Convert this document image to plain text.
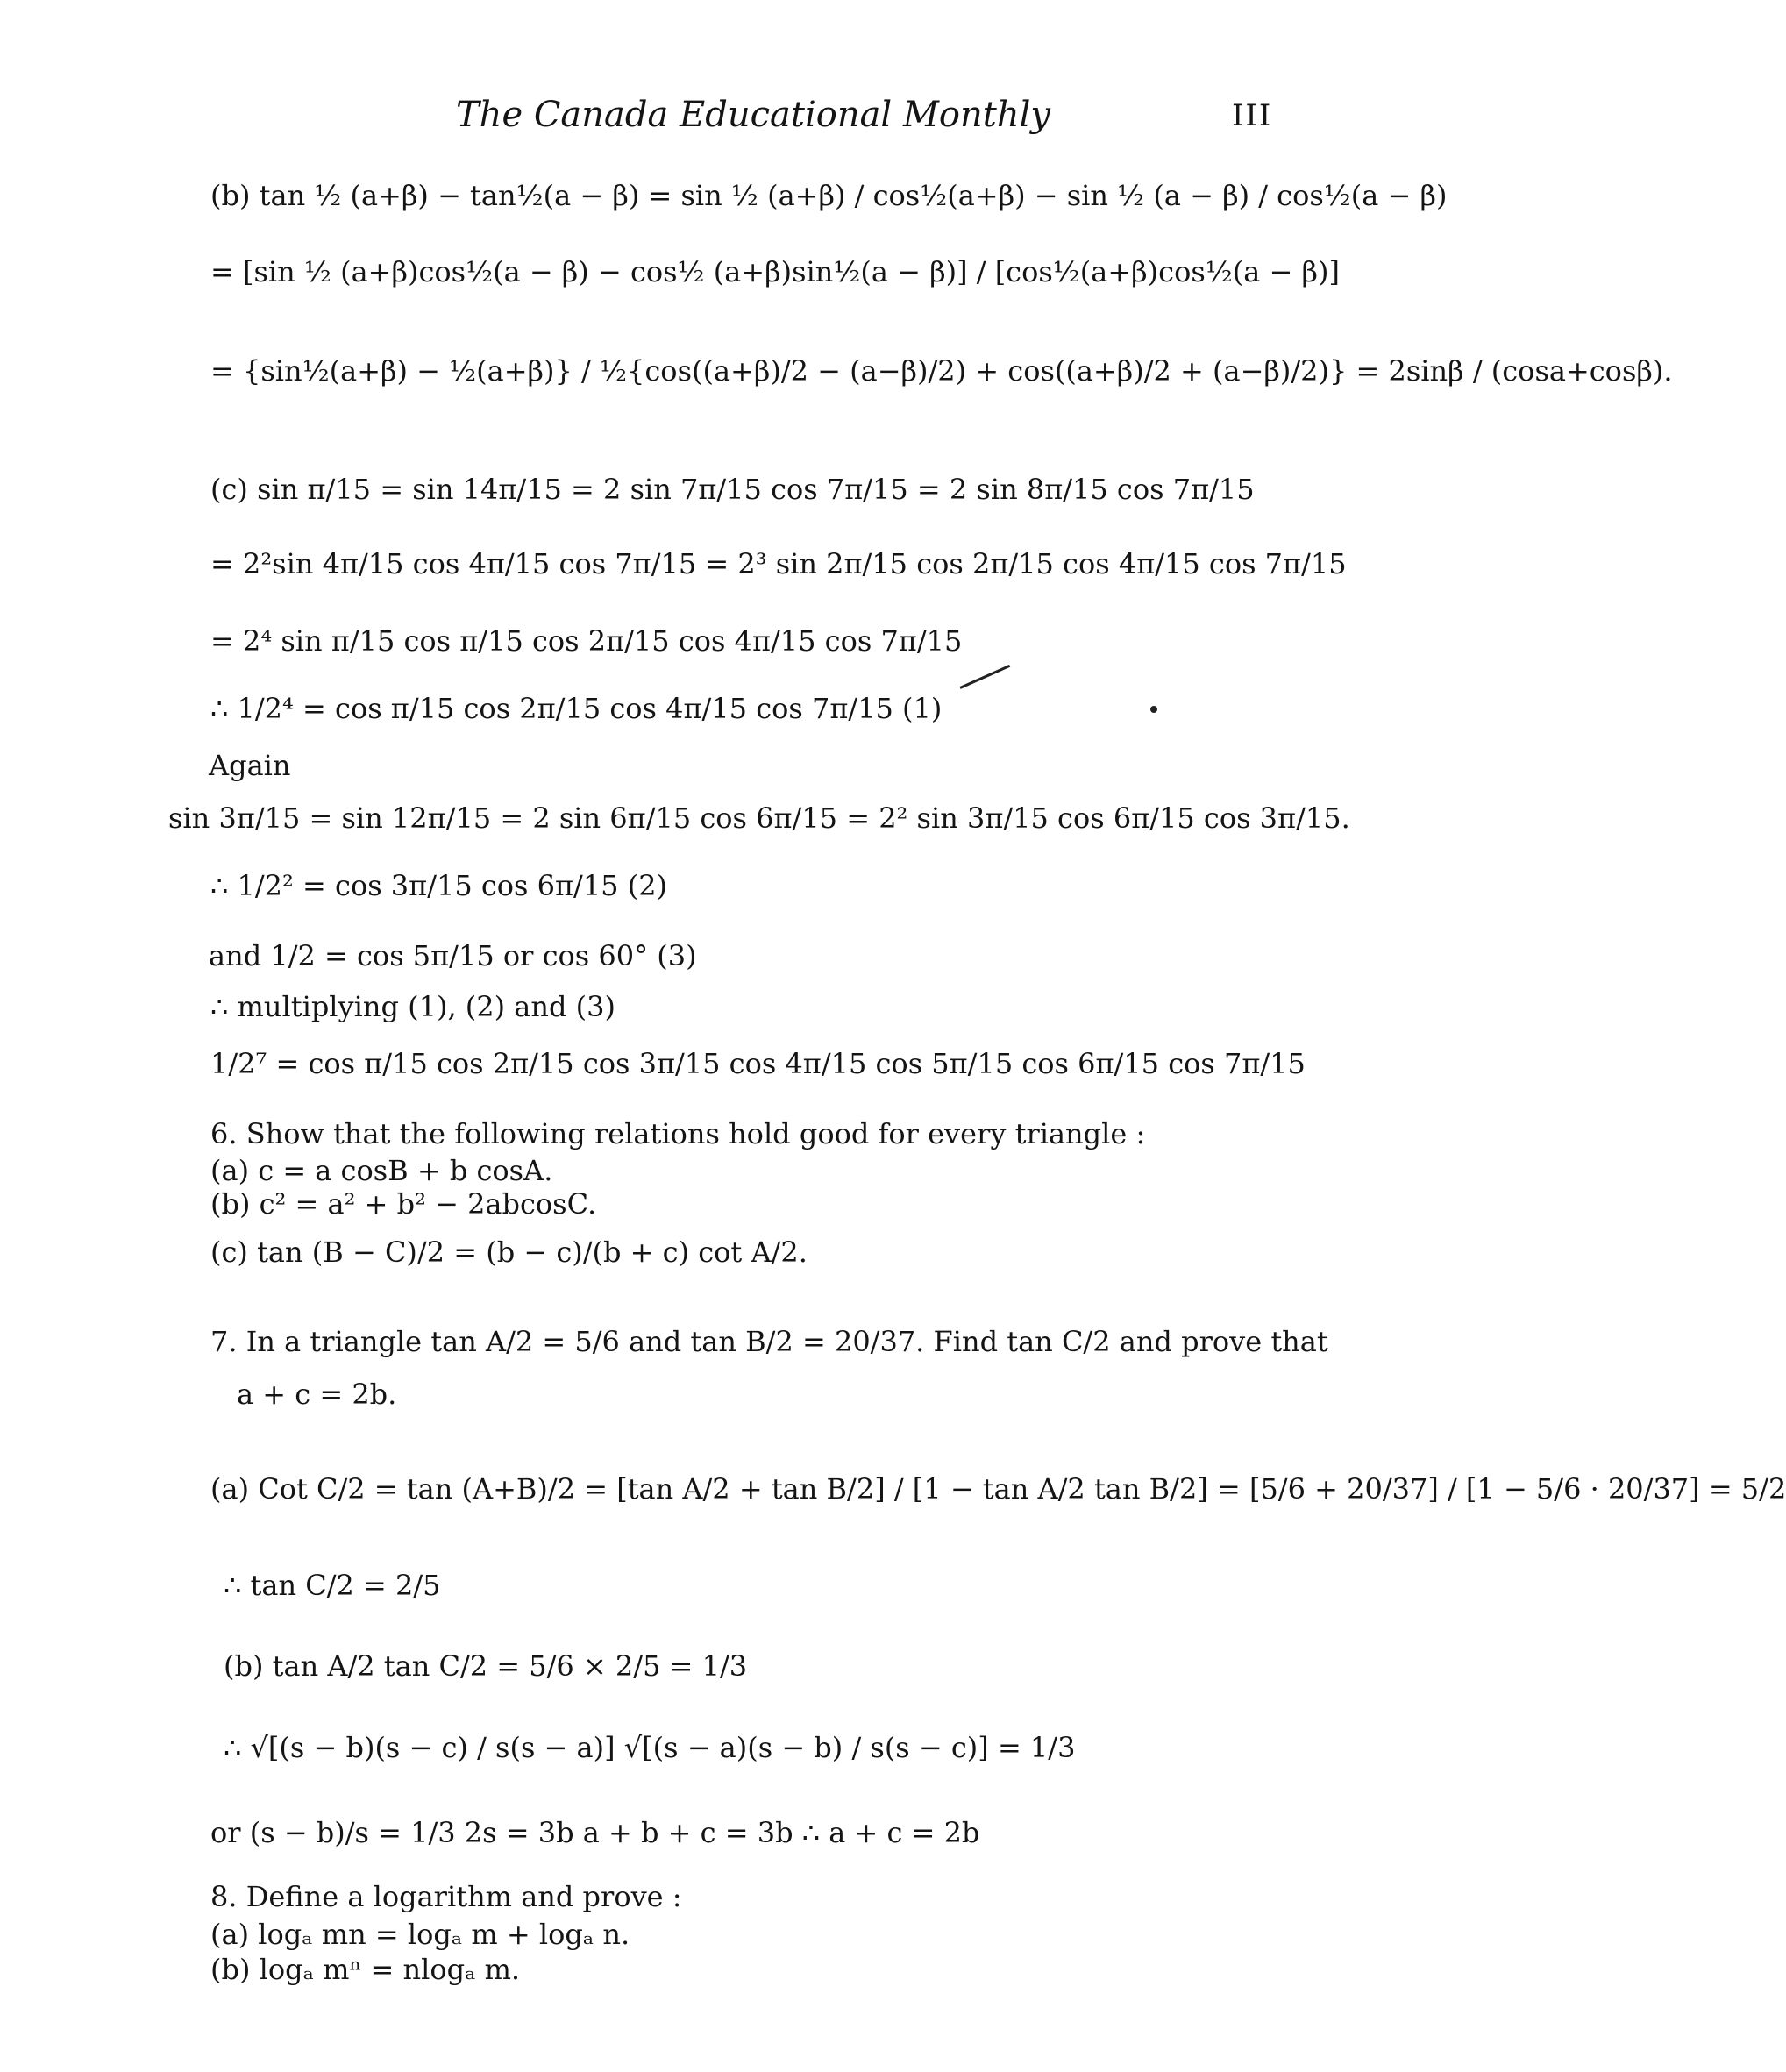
The Canada Educational Monthly	III
(b) tan ½ (a+β) − tan½(a − β) = sin ½ (a+β) / cos½(a+β) − sin ½ (a − β) / cos½(a − β)
= [sin ½ (a+β)cos½(a − β) − cos½ (a+β)sin½(a − β)] / [cos½(a+β)cos½(a − β)]
= {sin½(a+β) − ½(a+β)} / ½{cos((a+β)/2 − (a−β)/2) + cos((a+β)/2 + (a−β)/2)} = 2sinβ / (cosa+cosβ).
(c) sin π/15 = sin 14π/15 = 2 sin 7π/15 cos 7π/15 = 2 sin 8π/15 cos 7π/15
= 2²sin 4π/15 cos 4π/15 cos 7π/15 = 2³ sin 2π/15 cos 2π/15 cos 4π/15 cos 7π/15
= 2⁴ sin π/15 cos π/15 cos 2π/15 cos 4π/15 cos 7π/15
∴ 1/2⁴ = cos π/15 cos 2π/15 cos 4π/15 cos 7π/15 (1)
Again
sin 3π/15 = sin 12π/15 = 2 sin 6π/15 cos 6π/15 = 2² sin 3π/15 cos 6π/15 cos 3π/15.
∴ 1/2² = cos 3π/15 cos 6π/15 (2)
and 1/2 = cos 5π/15 or cos 60° (3)
∴ multiplying (1), (2) and (3)
1/2⁷ = cos π/15 cos 2π/15 cos 3π/15 cos 4π/15 cos 5π/15 cos 6π/15 cos 7π/15
6. Show that the following relations hold good for every triangle :
(a) c = a cosB + b cosA.
(b) c² = a² + b² − 2abcosC.
(c) tan (B − C)/2 = (b − c)/(b + c) cot A/2.
7. In a triangle tan A/2 = 5/6 and tan B/2 = 20/37. Find tan C/2 and prove that
a + c = 2b.
(a) Cot C/2 = tan (A+B)/2 = [tan A/2 + tan B/2] / [1 − tan A/2 tan B/2] = [5/6 + 20/37] / [1 − 5/6 · 20/37] = 5/2
∴ tan C/2 = 2/5
(b) tan A/2 tan C/2 = 5/6 × 2/5 = 1/3
∴ √[(s − b)(s − c) / s(s − a)] √[(s − a)(s − b) / s(s − c)] = 1/3
or (s − b)/s = 1/3 2s = 3b a + b + c = 3b ∴ a + c = 2b
8. Define a logarithm and prove :
(a) logₐ mn = logₐ m + logₐ n.
(b) logₐ mⁿ = nlogₐ m.
